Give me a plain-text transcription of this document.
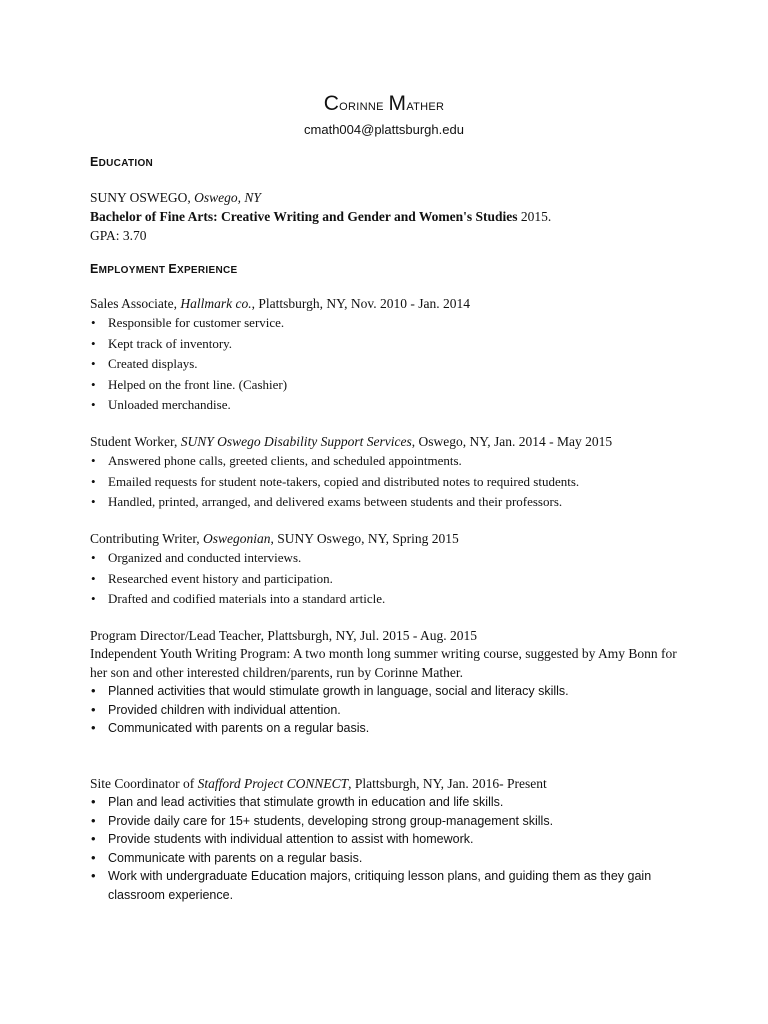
Corinne Mather
cmath004@plattsburgh.edu
EDUCATION
SUNY OSWEGO, Oswego, NY
Bachelor of Fine Arts: Creative Writing and Gender and Women's Studies 2015.
GPA: 3.70
EMPLOYMENT EXPERIENCE
Sales Associate, Hallmark co., Plattsburgh, NY, Nov. 2010 - Jan. 2014
• Responsible for customer service.
• Kept track of inventory.
• Created displays.
• Helped on the front line. (Cashier)
• Unloaded merchandise.
Student Worker, SUNY Oswego Disability Support Services, Oswego, NY, Jan. 2014 - May 2015
• Answered phone calls, greeted clients, and scheduled appointments.
• Emailed requests for student note-takers, copied and distributed notes to required students.
• Handled, printed, arranged, and delivered exams between students and their professors.
Contributing Writer, Oswegonian, SUNY Oswego, NY, Spring 2015
• Organized and conducted interviews.
• Researched event history and participation.
• Drafted and codified materials into a standard article.
Program Director/Lead Teacher, Plattsburgh, NY, Jul. 2015 - Aug. 2015
Independent Youth Writing Program: A two month long summer writing course, suggested by Amy Bonn for her son and other interested children/parents, run by Corinne Mather.
• Planned activities that would stimulate growth in language, social and literacy skills.
• Provided children with individual attention.
• Communicated with parents on a regular basis.
Site Coordinator of Stafford Project CONNECT, Plattsburgh, NY, Jan. 2016- Present
• Plan and lead activities that stimulate growth in education and life skills.
• Provide daily care for 15+ students, developing strong group-management skills.
• Provide students with individual attention to assist with homework.
• Communicate with parents on a regular basis.
• Work with undergraduate Education majors, critiquing lesson plans, and guiding them as they gain classroom experience.
